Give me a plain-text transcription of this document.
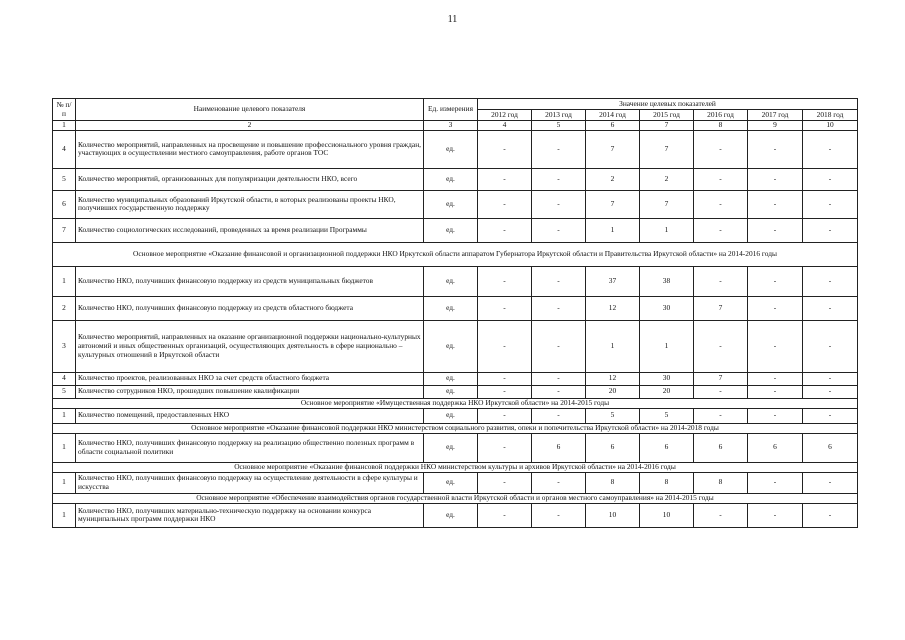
11
№ п/п	Наименование целевого показателя	Ед. измерения	Значение целевых показателей						
			2012 год	2013 год	2014 год	2015 год	2016 год	2017 год	2018 год
1	2	3	4	5	6	7	8	9	10
4	Количество мероприятий, направленных на просвещение и повышение профессионального уровня граждан, участвующих в осуществлении местного самоуправления, работе органов ТОС	ед.	-	-	7	7	-	-	-
5	Количество мероприятий, организованных для популяризации деятельности НКО, всего	ед.	-	-	2	2	-	-	-
6	Количество муниципальных образований Иркутской области, в которых реализованы проекты НКО, получивших государственную поддержку	ед.	-	-	7	7	-	-	-
7	Количество социологических исследований, проведенных за время реализации Программы	ед.	-	-	1	1	-	-	-
Основное мероприятие «Оказание финансовой и организационной поддержки НКО Иркутской области аппаратом Губернатора Иркутской области и Правительства Иркутской области» на 2014-2016 годы									
1	Количество НКО, получивших финансовую поддержку из средств муниципальных бюджетов	ед.	-	-	37	38	-	-	-
2	Количество НКО, получивших финансовую поддержку из средств областного бюджета	ед.	-	-	12	30	7	-	-
3	Количество мероприятий, направленных на оказание организационной поддержки национально-культурных автономий и иных общественных организаций, осуществляющих деятельность в сфере национально – культурных отношений в Иркутской области	ед.	-	-	1	1	-	-	-
4	Количество проектов, реализованных НКО за счет средств областного бюджета	ед.	-	-	12	30	7	-	-
5	Количество сотрудников НКО, прошедших повышение квалификации	ед.	-	-	20	20	-	-	-
Основное мероприятие «Имущественная поддержка НКО Иркутской области» на 2014-2015 годы									
1	Количество помещений, предоставленных НКО	ед.	-	-	5	5	-	-	-
Основное мероприятие «Оказание финансовой поддержки НКО министерством социального развития, опеки и попечительства Иркутской области» на 2014-2018 годы									
1	Количество НКО, получивших финансовую поддержку на реализацию общественно полезных программ в области социальной политики	ед.	-	6	6	6	6	6	6
Основное мероприятие «Оказание финансовой поддержки НКО министерством культуры и архивов Иркутской области» на 2014-2016 годы									
1	Количество НКО, получивших финансовую поддержку на осуществление деятельности в сфере культуры и искусства	ед.	-	-	8	8	8	-	-
Основное мероприятие «Обеспечение взаимодействия органов государственной власти Иркутской области и органов местного самоуправления» на 2014-2015 годы									
1	Количество НКО, получивших материально-техническую поддержку на основании конкурса муниципальных программ поддержки НКО	ед.	-	-	10	10	-	-	-
